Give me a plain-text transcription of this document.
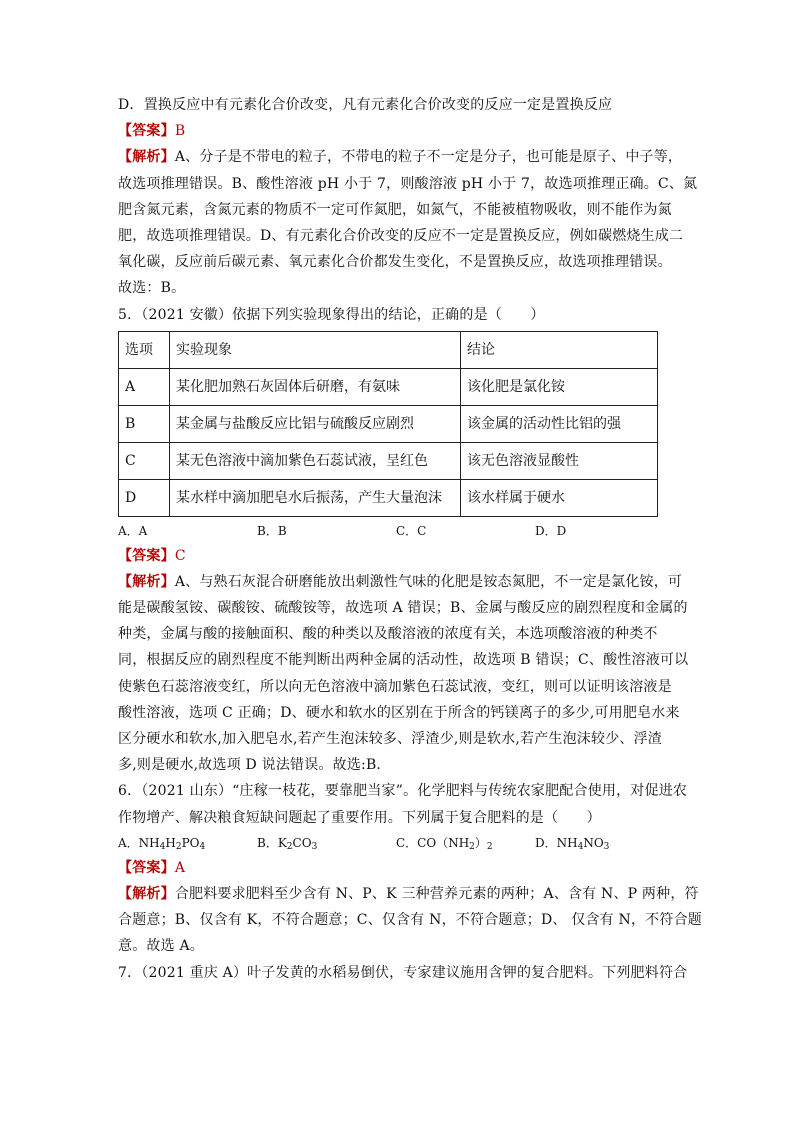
D．置换反应中有元素化合价改变，凡有元素化合价改变的反应一定是置换反应
【答案】B
【解析】A、分子是不带电的粒子，不带电的粒子不一定是分子，也可能是原子、中子等，
故选项推理错误。B、酸性溶液 pH 小于 7，则酸溶液 pH 小于 7，故选项推理正确。C、氮
肥含氮元素，含氮元素的物质不一定可作氮肥，如氮气，不能被植物吸收，则不能作为氮
肥，故选项推理错误。D、有元素化合价改变的反应不一定是置换反应，例如碳燃烧生成二
氧化碳，反应前后碳元素、氧元素化合价都发生变化，不是置换反应，故选项推理错误。
故选：B。
5．（2021 安徽）依据下列实验现象得出的结论，正确的是（　　）
选项	实验现象	结论
A	某化肥加熟石灰固体后研磨，有氨味	该化肥是氯化铵
B	某金属与盐酸反应比铝与硫酸反应剧烈	该金属的活动性比铝的强
C	某无色溶液中滴加紫色石蕊试液，呈红色	该无色溶液显酸性
D	某水样中滴加肥皂水后振荡，产生大量泡沫	该水样属于硬水
A．A	B．B	C．C	D．D
【答案】C
【解析】A、与熟石灰混合研磨能放出刺激性气味的化肥是铵态氮肥，不一定是氯化铵，可
能是碳酸氢铵、碳酸铵、硫酸铵等，故选项 A 错误；B、金属与酸反应的剧烈程度和金属的
种类，金属与酸的接触面积、酸的种类以及酸溶液的浓度有关，本选项酸溶液的种类不
同，根据反应的剧烈程度不能判断出两种金属的活动性，故选项 B 错误；C、酸性溶液可以
使紫色石蕊溶液变红，所以向无色溶液中滴加紫色石蕊试液，变红，则可以证明该溶液是
酸性溶液，选项 C 正确；D、硬水和软水的区别在于所含的钙镁离子的多少,可用肥皂水来
区分硬水和软水,加入肥皂水,若产生泡沫较多、浮渣少,则是软水,若产生泡沫较少、浮渣
多,则是硬水,故选项 D 说法错误。故选:B.
6．（2021 山东）“庄稼一枝花，要靠肥当家”。化学肥料与传统农家肥配合使用，对促进农
作物增产、解决粮食短缺问题起了重要作用。下列属于复合肥料的是（　　）
A．NH4H2PO4	B．K2CO3	C．CO（NH2）2	D．NH4NO3
【答案】A
【解析】合肥料要求肥料至少含有 N、P、K 三种营养元素的两种；A、含有 N、P 两种，符
合题意；B、仅含有 K，不符合题意；C、仅含有 N，不符合题意；D、 仅含有 N，不符合题
意。故选 A。
7．（2021 重庆 A）叶子发黄的水稻易倒伏，专家建议施用含钾的复合肥料。下列肥料符合
